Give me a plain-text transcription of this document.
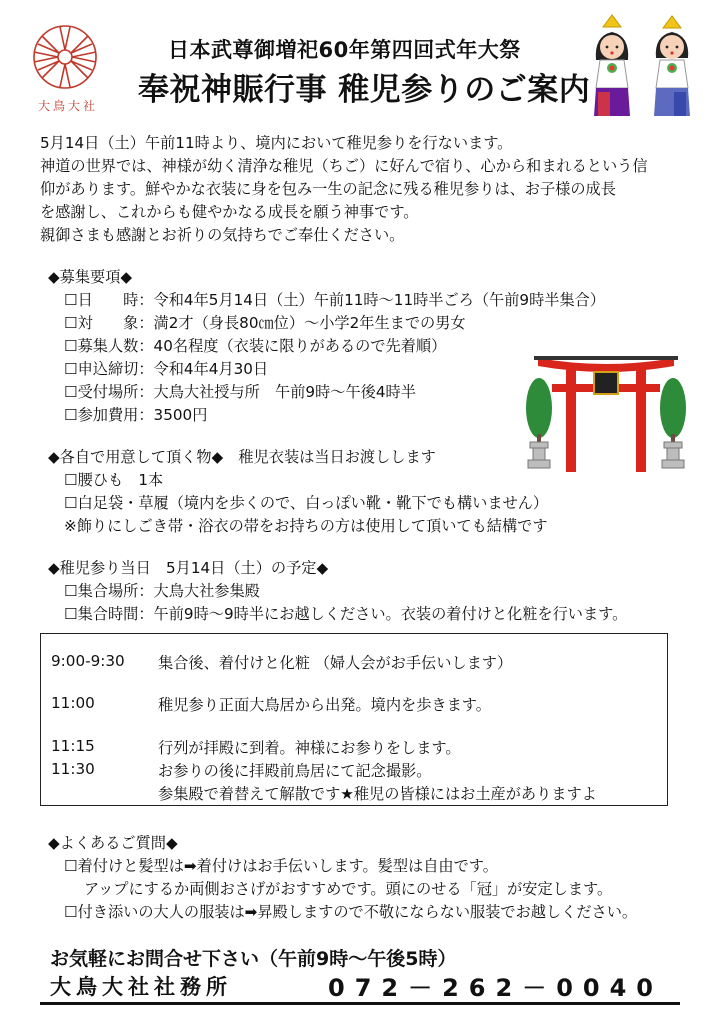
大鳥大社
日本武尊御増祀60年第四回式年大祭
奉祝神賑行事 稚児参りのご案内
5月14日（土）午前11時より、境内において稚児参りを行ないます。
神道の世界では、神様が幼く清浄な稚児（ちご）に好んで宿り、心から和まれるという信
仰があります。鮮やかな衣装に身を包み一生の記念に残る稚児参りは、お子様の成長
を感謝し、これからも健やかなる成長を願う神事です。
親御さまも感謝とお祈りの気持ちでご奉仕ください。
◆募集要項◆
☐日　　時：令和4年5月14日（土）午前11時～11時半ごろ（午前9時半集合）
☐対　　象：満2才（身長80㎝位）～小学2年生までの男女
☐募集人数：40名程度（衣装に限りがあるので先着順）
☐申込締切：令和4年4月30日
☐受付場所：大鳥大社授与所　午前9時～午後4時半
☐参加費用：3500円
◆各自で用意して頂く物◆　稚児衣装は当日お渡しします
☐腰ひも　1本
☐白足袋・草履（境内を歩くので、白っぽい靴・靴下でも構いません）
※飾りにしごき帯・浴衣の帯をお持ちの方は使用して頂いても結構です
◆稚児参り当日　5月14日（土）の予定◆
☐集合場所：大鳥大社参集殿
☐集合時間：午前9時～9時半にお越しください。衣装の着付けと化粧を行います。
9:00-9:30 集合後、着付けと化粧 （婦人会がお手伝いします）
11:00	稚児参り正面大鳥居から出発。境内を歩きます。
11:15	行列が拝殿に到着。神様にお参りをします。
11:30	お参りの後に拝殿前鳥居にて記念撮影。
参集殿で着替えて解散です★稚児の皆様にはお土産がありますよ
◆よくあるご質問◆
☐着付けと髪型は➡着付けはお手伝いします。髪型は自由です。
アップにするか両側おさげがおすすめです。頭にのせる「冠」が安定します。
☐付き添いの大人の服装は➡昇殿しますので不敬にならない服装でお越しください。
お気軽にお問合せ下さい（午前9時～午後5時）
大鳥大社社務所	072－262－0040
